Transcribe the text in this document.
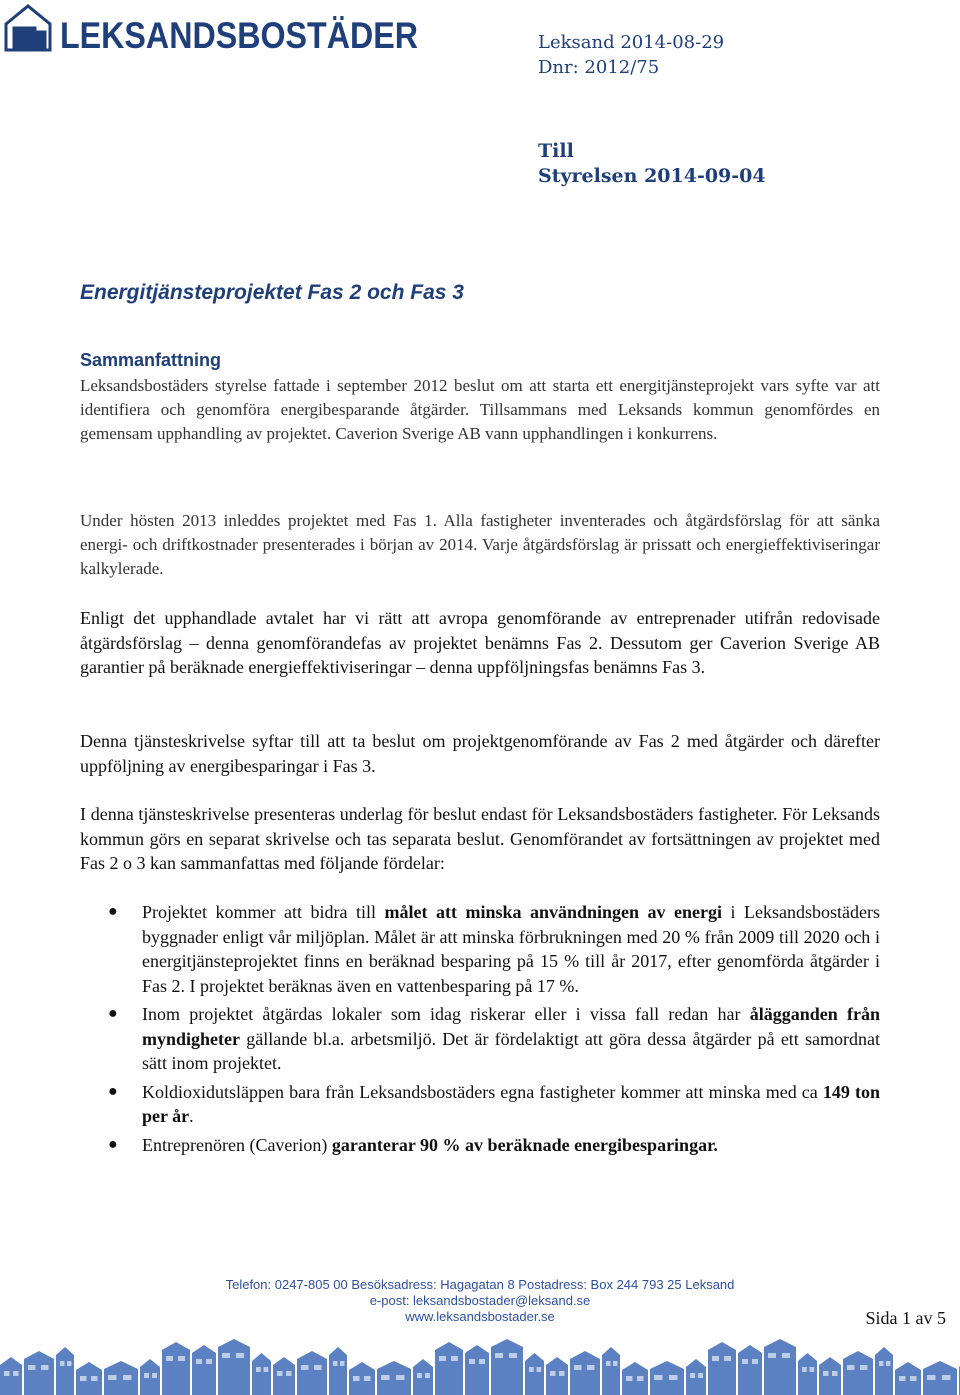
LEKSANDSBOSTÄDER	Leksand 2014-08-29
Dnr: 2012/75
Till
Styrelsen 2014-09-04
Energitjänsteprojektet Fas 2 och Fas 3
Sammanfattning

Leksandsbostäders styrelse fattade i september 2012 beslut om att starta ett energitjänsteprojekt vars syfte var att identifiera och genomföra energibesparande åtgärder. Tillsammans med Leksands kommun genomfördes en gemensam upphandling av projektet. Caverion Sverige AB vann upphandlingen i konkurrens.

Under hösten 2013 inleddes projektet med Fas 1. Alla fastigheter inventerades och åtgärdsförslag för att sänka energi- och driftkostnader presenterades i början av 2014. Varje åtgärdsförslag är prissatt och energieffektiviseringar kalkylerade.

Enligt det upphandlade avtalet har vi rätt att avropa genomförande av entreprenader utifrån redovisade åtgärdsförslag – denna genomförandefas av projektet benämns Fas 2. Dessutom ger Caverion Sverige AB garantier på beräknade energieffektiviseringar – denna uppföljningsfas benämns Fas 3.

Denna tjänsteskrivelse syftar till att ta beslut om projektgenomförande av Fas 2 med åtgärder och därefter uppföljning av energibesparingar i Fas 3.

I denna tjänsteskrivelse presenteras underlag för beslut endast för Leksandsbostäders fastigheter. För Leksands kommun görs en separat skrivelse och tas separata beslut. Genomförandet av fortsättningen av projektet med Fas 2 o 3 kan sammanfattas med följande fördelar:

● Projektet kommer att bidra till målet att minska användningen av energi i Leksandsbostäders byggnader enligt vår miljöplan. Målet är att minska förbrukningen med 20 % från 2009 till 2020 och i energitjänsteprojektet finns en beräknad besparing på 15 % till år 2017, efter genomförda åtgärder i Fas 2. I projektet beräknas även en vattenbesparing på 17 %.
● Inom projektet åtgärdas lokaler som idag riskerar eller i vissa fall redan har ålägganden från myndigheter gällande bl.a. arbetsmiljö. Det är fördelaktigt att göra dessa åtgärder på ett samordnat sätt inom projektet.
● Koldioxidutsläppen bara från Leksandsbostäders egna fastigheter kommer att minska med ca 149 ton per år.
● Entreprenören (Caverion) garanterar 90 % av beräknade energibesparingar.
Telefon: 0247-805 00 Besöksadress: Hagagatan 8 Postadress: Box 244 793 25 Leksand
e-post: leksandsbostader@leksand.se
www.leksandsbostader.se	Sida 1 av 5
